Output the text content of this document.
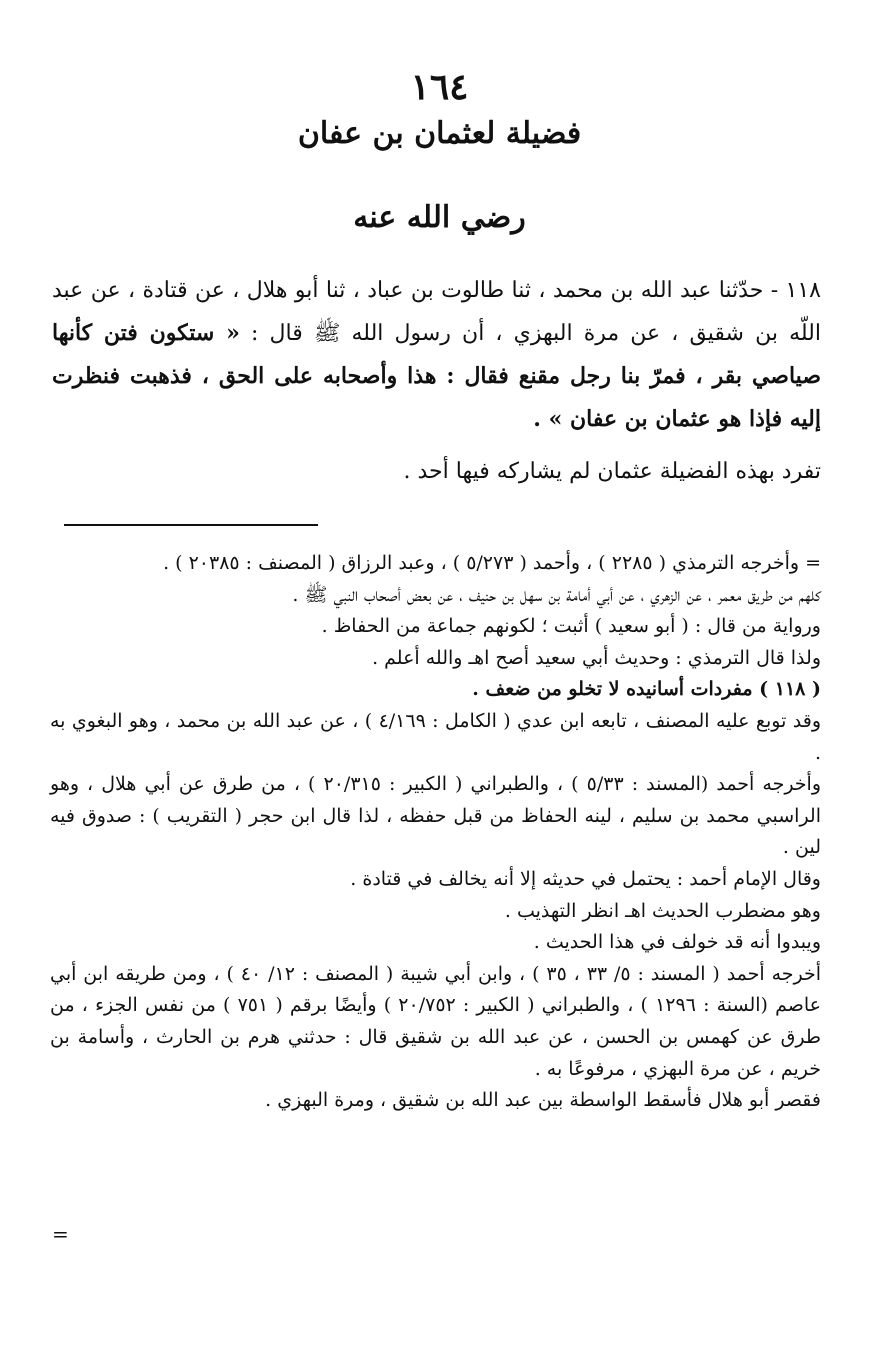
١٦٤
فضيلة لعثمان بن عفان
رضي الله عنه

١١٨ - حدّثنا عبد الله بن محمد ، ثنا طالوت بن عباد ، ثنا أبو هلال ، عن قتادة ، عن عبد اللّه بن شقيق ، عن مرة البهزي ، أن رسول الله ﷺ قال : « ستكون فتن كأنها صياصي بقر ، فمرّ بنا رجل مقنع فقال : هذا وأصحابه على الحق ، فذهبت فنظرت إليه فإذا هو عثمان بن عفان » .

تفرد بهذه الفضيلة عثمان لم يشاركه فيها أحد .

= وأخرجه الترمذي ( ٢٢٨٥ ) ، وأحمد ( ٥/٢٧٣ ) ، وعبد الرزاق ( المصنف : ٢٠٣٨٥ ) .

كلهم من طريق معمر ، عن الزهري ، عن أبي أمامة بن سهل بن حنيف ، عن بعض أصحاب النبي ﷺ .

ورواية من قال : ( أبو سعيد ) أثبت ؛ لكونهم جماعة من الحفاظ .

ولذا قال الترمذي : وحديث أبي سعيد أصح اهـ والله أعلم .

( ١١٨ ) مفردات أسانيده لا تخلو من ضعف .

وقد توبع عليه المصنف ، تابعه ابن عدي ( الكامل : ٤/١٦٩ ) ، عن عبد الله بن محمد ، وهو البغوي به .

وأخرجه أحمد (المسند : ٥/٣٣ ) ، والطبراني ( الكبير : ٢٠/٣١٥ ) ، من طرق عن أبي هلال ، وهو الراسبي محمد بن سليم ، لينه الحفاظ من قبل حفظه ، لذا قال ابن حجر ( التقريب ) : صدوق فيه لين .

وقال الإمام أحمد : يحتمل في حديثه إلا أنه يخالف في قتادة .

وهو مضطرب الحديث اهـ انظر التهذيب .

ويبدوا أنه قد خولف في هذا الحديث .

أخرجه أحمد ( المسند : ٥/ ٣٣ ، ٣٥ ) ، وابن أبي شيبة ( المصنف : ١٢/ ٤٠ ) ، ومن طريقه ابن أبي عاصم (السنة : ١٢٩٦ ) ، والطبراني ( الكبير : ٢٠/٧٥٢ ) وأيضًا برقم ( ٧٥١ ) من نفس الجزء ، من طرق عن كهمس بن الحسن ، عن عبد الله بن شقيق قال : حدثني هرم بن الحارث ، وأسامة بن خريم ، عن مرة البهزي ، مرفوعًا به .

فقصر أبو هلال فأسقط الواسطة بين عبد الله بن شقيق ، ومرة البهزي .

=
